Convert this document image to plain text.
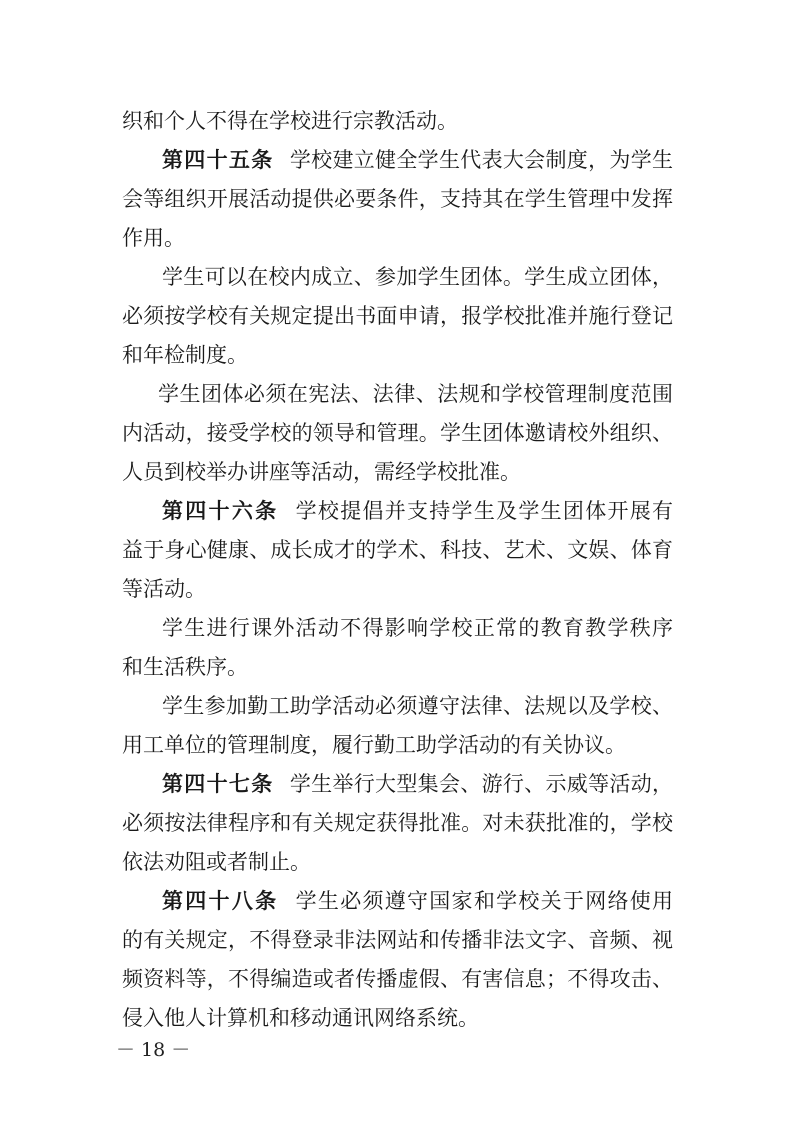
织和个人不得在学校进行宗教活动。
第四十五条 学校建立健全学生代表大会制度，为学生
会等组织开展活动提供必要条件，支持其在学生管理中发挥
作用。
学生可以在校内成立、参加学生团体。学生成立团体，
必须按学校有关规定提出书面申请，报学校批准并施行登记
和年检制度。
学生团体必须在宪法、法律、法规和学校管理制度范围
内活动，接受学校的领导和管理。学生团体邀请校外组织、
人员到校举办讲座等活动，需经学校批准。
第四十六条 学校提倡并支持学生及学生团体开展有
益于身心健康、成长成才的学术、科技、艺术、文娱、体育
等活动。
学生进行课外活动不得影响学校正常的教育教学秩序
和生活秩序。
学生参加勤工助学活动必须遵守法律、法规以及学校、
用工单位的管理制度，履行勤工助学活动的有关协议。
第四十七条 学生举行大型集会、游行、示威等活动，
必须按法律程序和有关规定获得批准。对未获批准的，学校
依法劝阻或者制止。
第四十八条 学生必须遵守国家和学校关于网络使用
的有关规定，不得登录非法网站和传播非法文字、音频、视
频资料等，不得编造或者传播虚假、有害信息；不得攻击、
侵入他人计算机和移动通讯网络系统。
－ 18 －
